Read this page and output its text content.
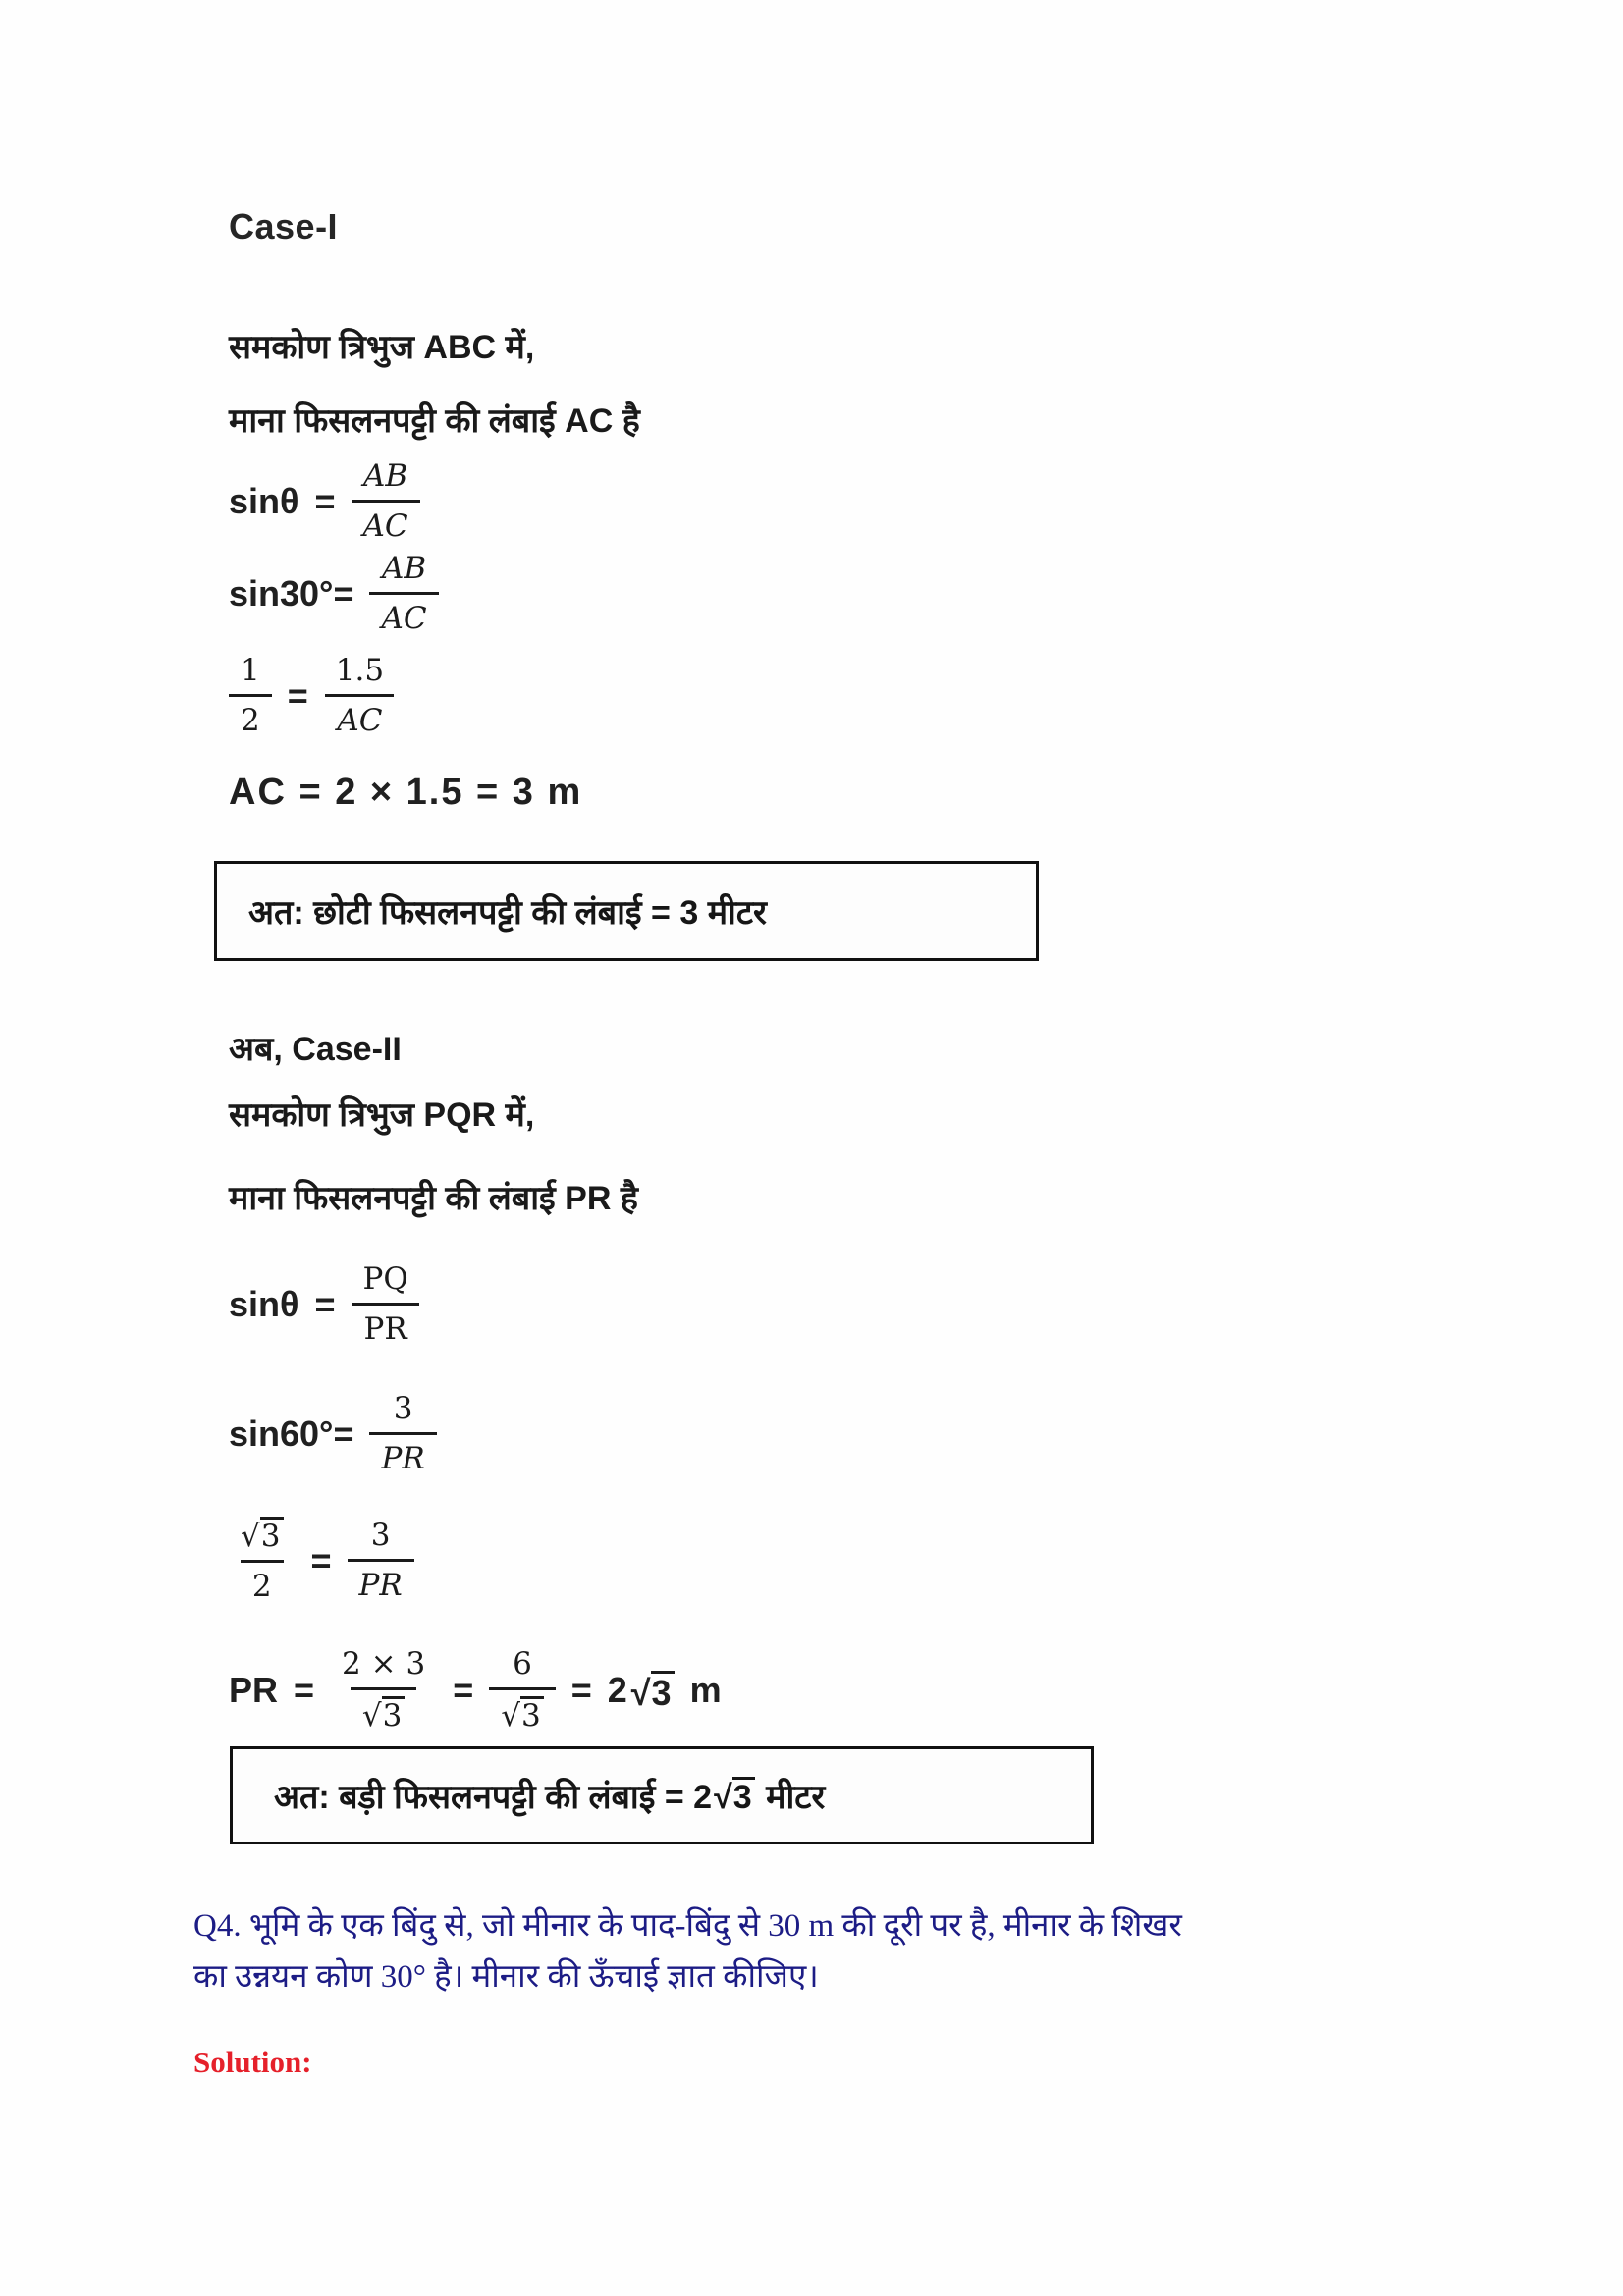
Case-I

समकोण त्रिभुज ABC में,

माना फिसलनपट्टी की लंबाई AC है

$\sin\theta = \frac{AB}{AC}$
$\sin 30^\circ= \frac{AB}{AC}$
$\frac{1}{2} = \frac{1.5}{AC}$

AC = 2 × 1.5 = 3 m

अत: छोटी फिसलनपट्टी की लंबाई = 3 मीटर

अब, Case-II

समकोण त्रिभुज PQR में,

माना फिसलनपट्टी की लंबाई PR है

$\sin\theta = \frac{PQ}{PR}$
$\sin 60^\circ= \frac{3}{PR}$
$\frac{√ 3}{2} = \frac{3}{PR}$
PR = $\frac{2 \times 3}{√ 3} = \frac{6}{√ 3} = 2$ √ 3 m
अत: बड़ी फिसलनपट्टी की लंबाई = 2 √ 3
मीटर
Q4. भूमि के एक बिंदु से, जो मीनार के पाद-बिंदु से 30 m की दूरी पर है, मीनार के शिखर
का उन्नयन कोण 30° है। मीनार की ऊँचाई ज्ञात कीजिए।

Solution:
